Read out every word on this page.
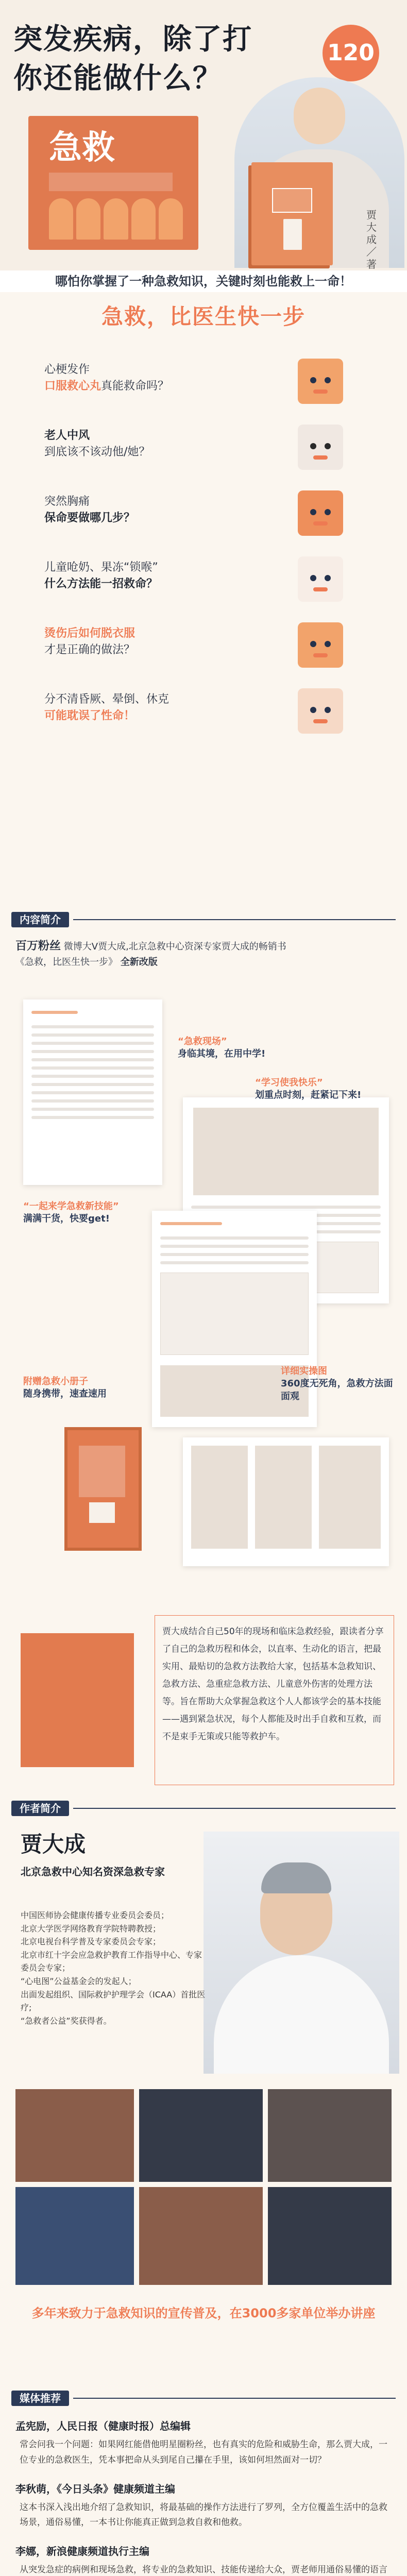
突发疾病，除了打
你还能做什么？
120
急救
贾大成／著
哪怕你掌握了一种急救知识，关键时刻也能救上一命！
急救，比医生快一步
心梗发作
口服救心丸真能救命吗？
老人中风
到底该不该动他/她？
突然胸痛
保命要做哪几步？
儿童呛奶、果冻“锁喉”
什么方法能一招救命？
烫伤后如何脱衣服
才是正确的做法？
分不清昏厥、晕倒、休克
可能耽误了性命！
内容简介
百万粉丝 微博大V贾大成,北京急救中心资深专家贾大成的畅销书
《急救，比医生快一步》 全新改版
“急救现场”
身临其境，在用中学!
“学习使我快乐”
划重点时刻，赶紧记下来!
“一起来学急救新技能”
满满干货，快要get!
详细实操图
360度无死角，急救方法面面观
附赠急救小册子
随身携带，速查速用
贾大成结合自己50年的现场和临床急救经验，跟读者分享了自己的急救历程和体会，以直率、生动化的语言，把最实用、最贴切的急救方法教给大家，包括基本急救知识、急救方法、急重症急救方法、儿童意外伤害的处理方法等。旨在帮助大众掌握急救这个人人都该学会的基本技能——遇到紧急状况，每个人都能及时出手自救和互救，而不是束手无策或只能等救护车。
作者简介
贾大成
北京急救中心知名资深急救专家

中国医师协会健康传播专业委员会委员；

北京大学医学网络教育学院特聘教授；

北京电视台科学普及专家委员会专家；

北京市红十字会应急救护教育工作指导中心、专家委员会专家；

“心电图”公益基金会的发起人；

出面发起组织、国际救护护理学会（ICAA）首批医疗;

“急救者公益”奖获得者。

多年来致力于急救知识的宣传普及，在3000多家单位举办讲座
媒体推荐
孟宪励，人民日报（健康时报）总编辑
常会问我一个问题：如果网红能借他明星圈粉丝，也有真实的危险和威胁生命，那么贾大成，一位专业的急救医生，凭本事把命从头到尾自己攥在手里，该如何坦然面对一切？
李秋萌，《今日头条》健康频道主编
这本书深入浅出地介绍了急救知识，将最基础的操作方法进行了罗列，全方位覆盖生活中的急救场景，通俗易懂，一本书让你能真正做到急救自救和他救。
李娜，新浪健康频道执行主编
从突发急症的病例和现场急救，将专业的急救知识、技能传递给大众，贾老师用通俗易懂的语言
